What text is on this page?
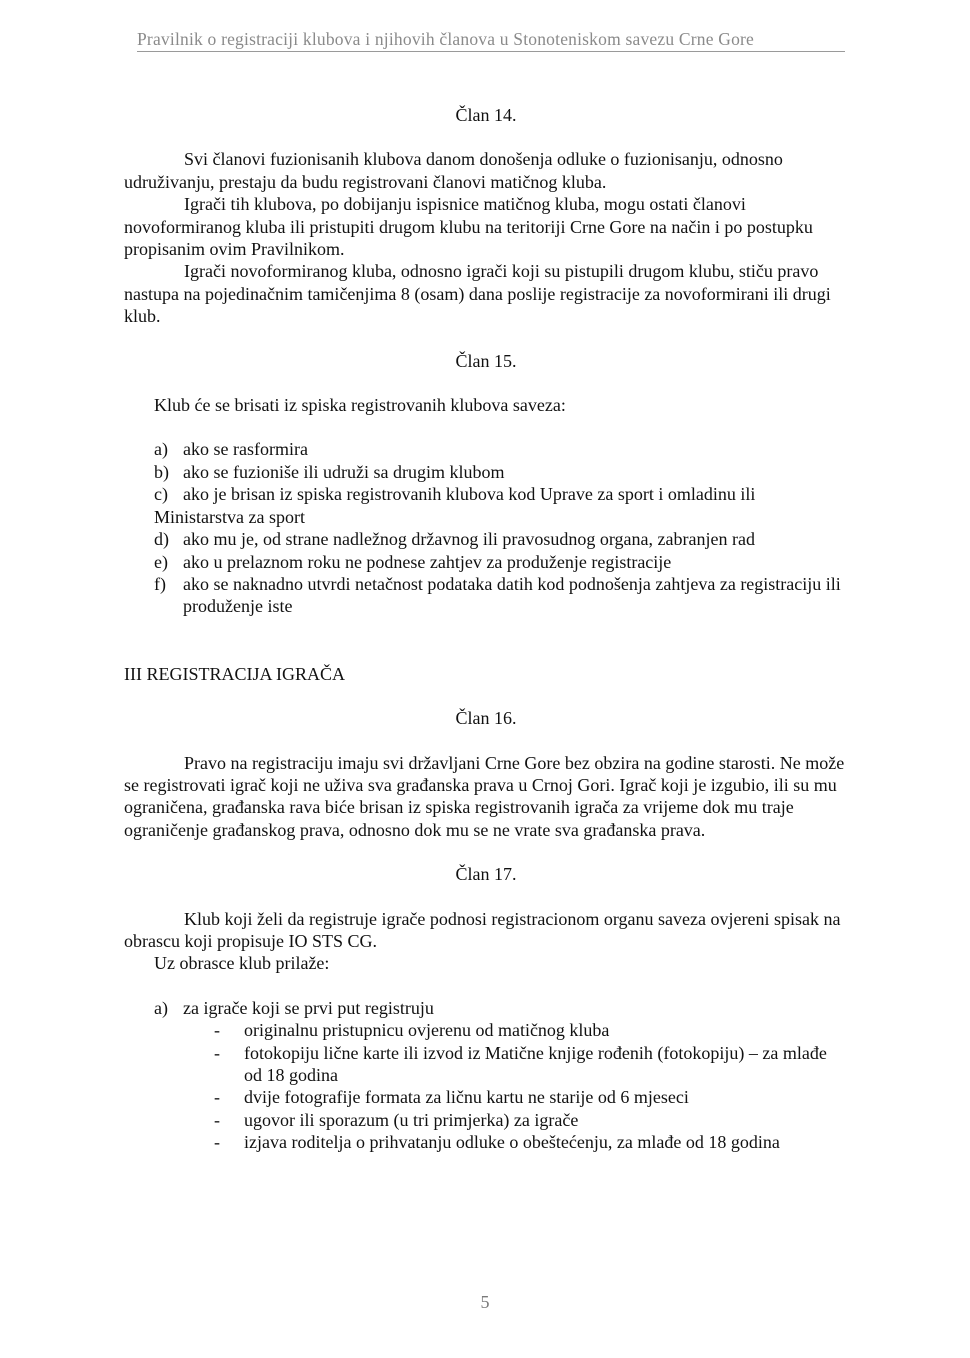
Pravilnik o registraciji klubova i njihovih članova u Stonoteniskom savezu Crne Gore

Član 14.

Svi članovi fuzionisanih klubova danom donošenja odluke o fuzionisanju, odnosno udruživanju, prestaju da budu registrovani članovi matičnog kluba.

Igrači tih klubova, po dobijanju ispisnice matičnog kluba, mogu ostati članovi novoformiranog kluba ili pristupiti drugom klubu na teritoriji Crne Gore na način i po postupku propisanim ovim Pravilnikom.

Igrači novoformiranog kluba, odnosno igrači koji su pistupili drugom klubu, stiču pravo nastupa na pojedinačnim tamičenjima 8 (osam) dana poslije registracije za novoformirani ili drugi klub.

Član 15.

Klub će se brisati iz spiska registrovanih klubova saveza:

a) ako se rasformira
b) ako se fuzioniše ili udruži sa drugim klubom
c) ako je brisan iz spiska registrovanih klubova kod Uprave za sport i omladinu ili Ministarstva za sport
d) ako mu je, od strane nadležnog državnog ili pravosudnog organa, zabranjen rad
e) ako u prelaznom roku ne podnese zahtjev za produženje registracije
f) ako se naknadno utvrdi netačnost podataka datih kod podnošenja zahtjeva za registraciju ili produženje iste

III REGISTRACIJA IGRAČA

Član 16.

Pravo na registraciju imaju svi državljani Crne Gore bez obzira na godine starosti. Ne može se registrovati igrač koji ne uživa sva građanska prava u Crnoj Gori. Igrač koji je izgubio, ili su mu ograničena, građanska rava biće brisan iz spiska registrovanih igrača za vrijeme dok mu traje ograničenje građanskog prava, odnosno dok mu se ne vrate sva građanska prava.

Član 17.

Klub koji želi da registruje igrače podnosi registracionom organu saveza ovjereni spisak na obrascu koji propisuje IO STS CG.

Uz obrasce klub prilaže:

a) za igrače koji se prvi put registruju
- originalnu pristupnicu ovjerenu od matičnog kluba
- fotokopiju lične karte ili izvod iz Matične knjige rođenih (fotokopiju) – za mlađe od 18 godina
- dvije fotografije formata za ličnu kartu ne starije od 6 mjeseci
- ugovor ili sporazum (u tri primjerka) za igrače
- izjava roditelja o prihvatanju odluke o obeštećenju, za mlađe od 18 godina
5
